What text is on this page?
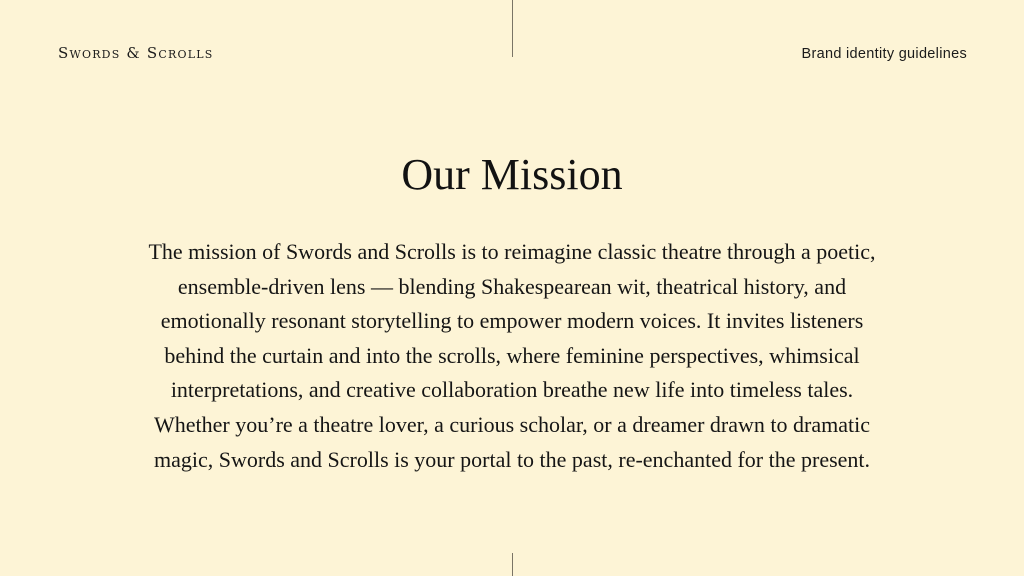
Swords & Scrolls	Brand identity guidelines
Our Mission

The mission of Swords and Scrolls is to reimagine classic theatre through a poetic,
ensemble-driven lens — blending Shakespearean wit, theatrical history, and
emotionally resonant storytelling to empower modern voices. It invites listeners
behind the curtain and into the scrolls, where feminine perspectives, whimsical
interpretations, and creative collaboration breathe new life into timeless tales.
Whether you’re a theatre lover, a curious scholar, or a dreamer drawn to dramatic
magic, Swords and Scrolls is your portal to the past, re-enchanted for the present.
